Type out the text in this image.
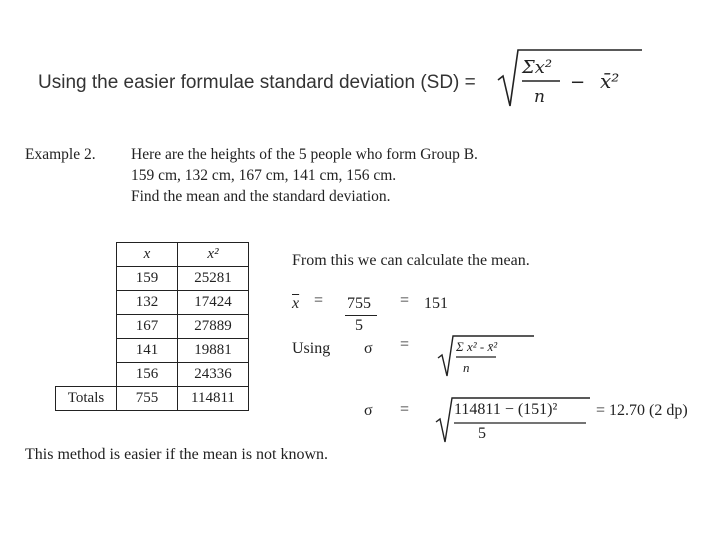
Using the easier formulae standard deviation (SD) =
Σx²
n
− x̄²
Example 2. Here are the heights of the 5 people who form Group B.
159 cm, 132 cm, 167 cm, 141 cm, 156 cm.
Find the mean and the standard deviation.
	x	x²
	159	25281
	132	17424
	167	27889
	141	19881
	156	24336
Totals	755	114811
From this we can calculate the mean.
$\overline{x} = 755$
5
= 151
Using σ =	Σ x² - x̄²
n
σ =	114811 − (151)²
5
= 12.70 (2 dp)
This method is easier if the mean is not known.
